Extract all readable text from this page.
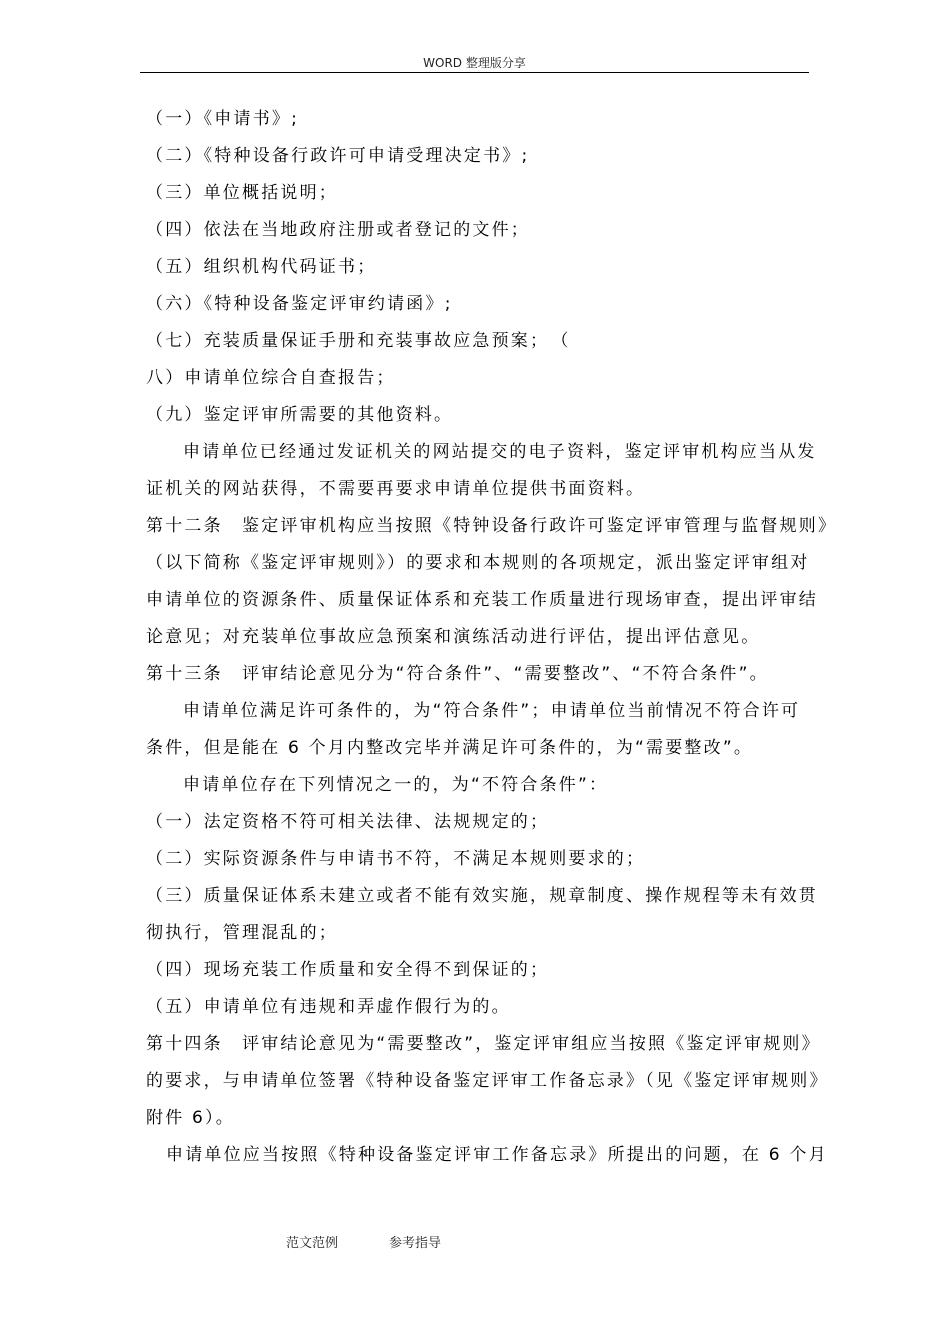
WORD 整理版分享
（一）《申请书》;
（二）《特种设备行政许可申请受理决定书》;
（三）单位概括说明；
（四）依法在当地政府注册或者登记的文件；
（五）组织机构代码证书；
（六）《特种设备鉴定评审约请函》;
（七）充装质量保证手册和充装事故应急预案；　（
八）申请单位综合自查报告；
（九）鉴定评审所需要的其他资料。
申请单位已经通过发证机关的网站提交的电子资料，鉴定评审机构应当从发
证机关的网站获得，不需要再要求申请单位提供书面资料。
第十二条　鉴定评审机构应当按照《特钟设备行政许可鉴定评审管理与监督规则》
（以下简称《鉴定评审规则》）的要求和本规则的各项规定，派出鉴定评审组对
申请单位的资源条件、质量保证体系和充装工作质量进行现场审查，提出评审结
论意见；对充装单位事故应急预案和演练活动进行评估，提出评估意见。
第十三条　评审结论意见分为“符合条件”、“需要整改”、“不符合条件”。
申请单位满足许可条件的，为“符合条件”；申请单位当前情况不符合许可
条件，但是能在 6 个月内整改完毕并满足许可条件的，为“需要整改”。
申请单位存在下列情况之一的，为“不符合条件”：
（一）法定资格不符可相关法律、法规规定的；
（二）实际资源条件与申请书不符，不满足本规则要求的；
（三）质量保证体系未建立或者不能有效实施，规章制度、操作规程等未有效贯
彻执行，管理混乱的；
（四）现场充装工作质量和安全得不到保证的；
（五）申请单位有违规和弄虚作假行为的。
第十四条　评审结论意见为“需要整改”，鉴定评审组应当按照《鉴定评审规则》
的要求，与申请单位签署《特种设备鉴定评审工作备忘录》（见《鉴定评审规则》
附件 6）。
申请单位应当按照《特种设备鉴定评审工作备忘录》所提出的问题，在 6 个月
范文范例	参考指导
